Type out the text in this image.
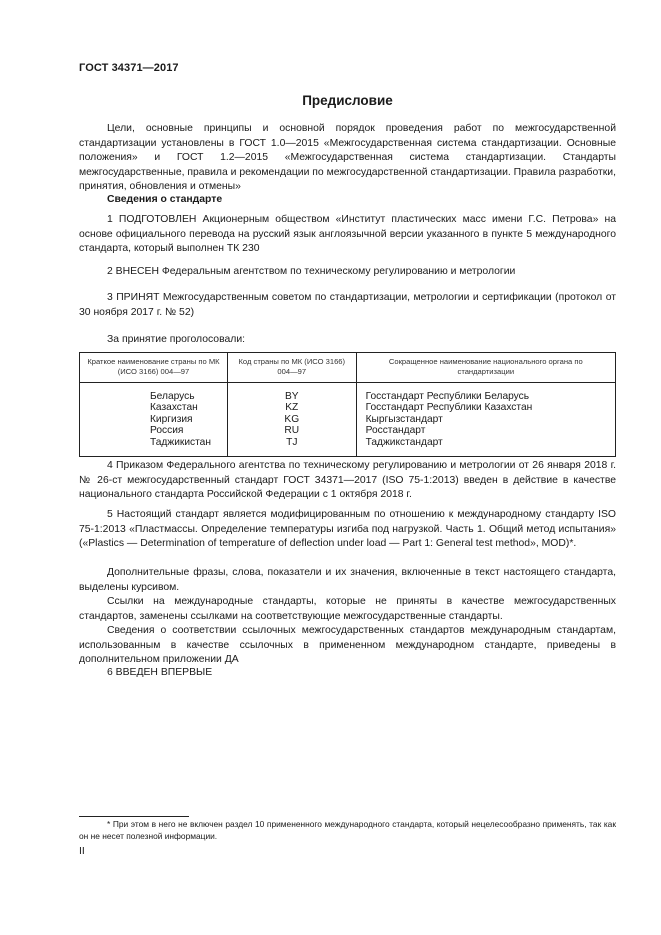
ГОСТ 34371—2017
Предисловие

Цели, основные принципы и основной порядок проведения работ по межгосударственной стандартизации установлены в ГОСТ 1.0—2015 «Межгосударственная система стандартизации. Основные положения» и ГОСТ 1.2—2015 «Межгосударственная система стандартизации. Стандарты межгосударственные, правила и рекомендации по межгосударственной стандартизации. Правила разработки, принятия, обновления и отмены»

Сведения о стандарте

1 ПОДГОТОВЛЕН Акционерным обществом «Институт пластических масс имени Г.С. Петрова» на основе официального перевода на русский язык англоязычной версии указанного в пункте 5 международного стандарта, который выполнен ТК 230

2 ВНЕСЕН Федеральным агентством по техническому регулированию и метрологии

3 ПРИНЯТ Межгосударственным советом по стандартизации, метрологии и сертификации (протокол от 30 ноября 2017 г. № 52)

За принятие проголосовали:

Краткое наименование страны по МК (ИСО 3166) 004—97	Код страны по МК (ИСО 3166) 004—97	Сокращенное наименование национального органа по стандартизации
Беларусь	BY	Госстандарт Республики Беларусь
Казахстан	KZ	Госстандарт Республики Казахстан
Киргизия	KG	Кыргызстандарт
Россия	RU	Росстандарт
Таджикистан	TJ	Таджикстандарт

4 Приказом Федерального агентства по техническому регулированию и метрологии от 26 января 2018 г. № 26-ст межгосударственный стандарт ГОСТ 34371—2017 (ISO 75-1:2013) введен в действие в качестве национального стандарта Российской Федерации с 1 октября 2018 г.

5 Настоящий стандарт является модифицированным по отношению к международному стандарту ISO 75-1:2013 «Пластмассы. Определение температуры изгиба под нагрузкой. Часть 1. Общий метод испытания» («Plastics — Determination of temperature of deflection under load — Part 1: General test method», MOD)*.

Дополнительные фразы, слова, показатели и их значения, включенные в текст настоящего стандарта, выделены курсивом.

Ссылки на международные стандарты, которые не приняты в качестве межгосударственных стандартов, заменены ссылками на соответствующие межгосударственные стандарты.

Сведения о соответствии ссылочных межгосударственных стандартов международным стандартам, использованным в качестве ссылочных в примененном международном стандарте, приведены в дополнительном приложении ДА

6 ВВЕДЕН ВПЕРВЫЕ

* При этом в него не включен раздел 10 примененного международного стандарта, который нецелесообразно применять, так как он не несет полезной информации.

II
